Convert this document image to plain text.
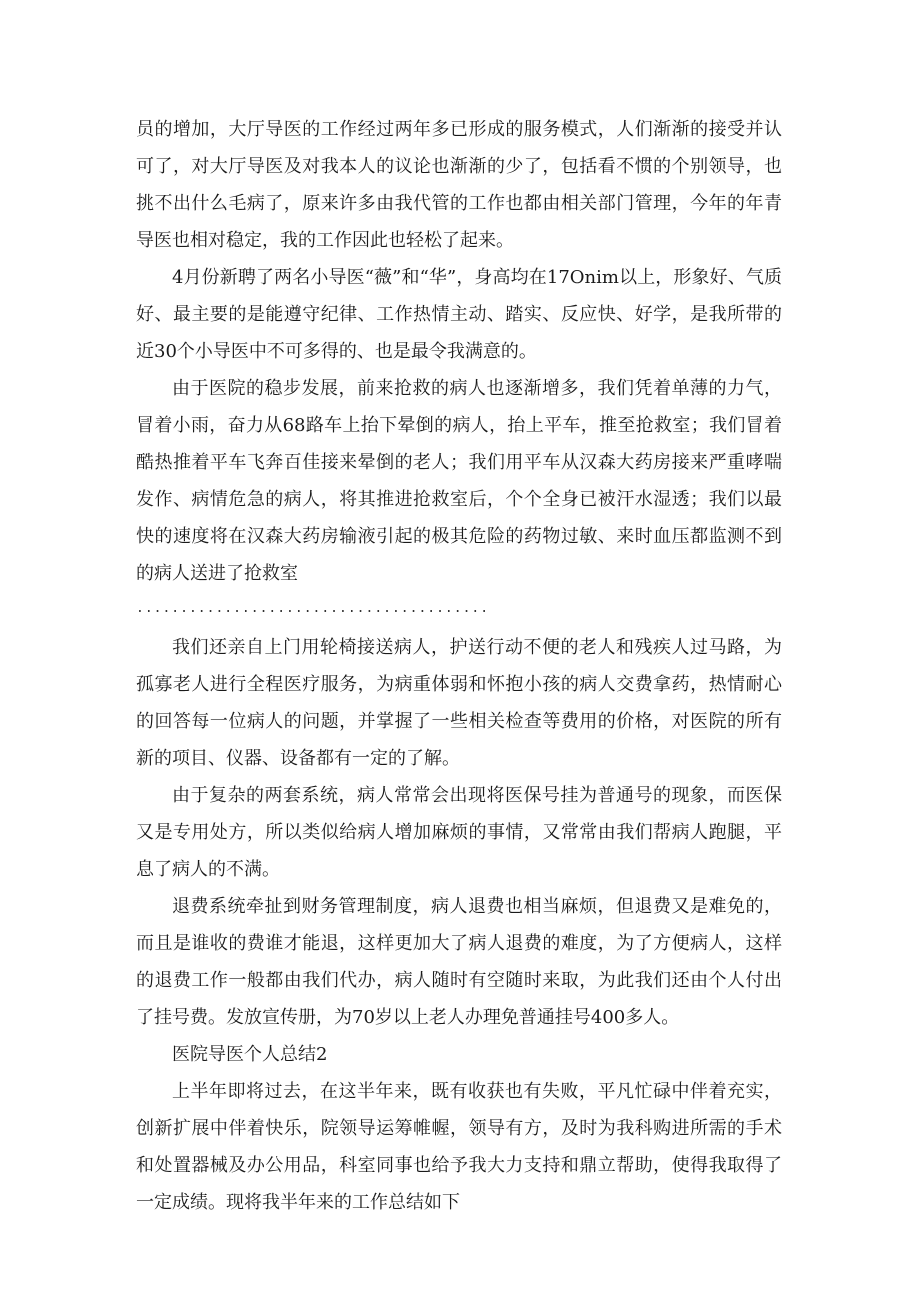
员的增加，大厅导医的工作经过两年多已形成的服务模式，人们渐渐的接受并认可了，对大厅导医及对我本人的议论也渐渐的少了，包括看不惯的个别领导，也挑不出什么毛病了，原来许多由我代管的工作也都由相关部门管理，今年的年青导医也相对稳定，我的工作因此也轻松了起来。

4月份新聘了两名小导医“薇”和“华”，身高均在17Onim以上，形象好、气质好、最主要的是能遵守纪律、工作热情主动、踏实、反应快、好学，是我所带的近30个小导医中不可多得的、也是最令我满意的。

由于医院的稳步发展，前来抢救的病人也逐渐增多，我们凭着单薄的力气，冒着小雨，奋力从68路车上抬下晕倒的病人，抬上平车，推至抢救室；我们冒着酷热推着平车飞奔百佳接来晕倒的老人；我们用平车从汉森大药房接来严重哮喘发作、病情危急的病人，将其推进抢救室后，个个全身已被汗水湿透；我们以最快的速度将在汉森大药房输液引起的极其危险的药物过敏、来时血压都监测不到的病人送进了抢救室

........................................

我们还亲自上门用轮椅接送病人，护送行动不便的老人和残疾人过马路，为孤寡老人进行全程医疗服务，为病重体弱和怀抱小孩的病人交费拿药，热情耐心的回答每一位病人的问题，并掌握了一些相关检查等费用的价格，对医院的所有新的项目、仪器、设备都有一定的了解。

由于复杂的两套系统，病人常常会出现将医保号挂为普通号的现象，而医保又是专用处方，所以类似给病人增加麻烦的事情，又常常由我们帮病人跑腿，平息了病人的不满。

退费系统牵扯到财务管理制度，病人退费也相当麻烦，但退费又是难免的，而且是谁收的费谁才能退，这样更加大了病人退费的难度，为了方便病人，这样的退费工作一般都由我们代办，病人随时有空随时来取，为此我们还由个人付出了挂号费。发放宣传册，为70岁以上老人办理免普通挂号400多人。

医院导医个人总结2

上半年即将过去，在这半年来，既有收获也有失败，平凡忙碌中伴着充实，创新扩展中伴着快乐，院领导运筹帷幄，领导有方，及时为我科购进所需的手术和处置器械及办公用品，科室同事也给予我大力支持和鼎立帮助，使得我取得了一定成绩。现将我半年来的工作总结如下
